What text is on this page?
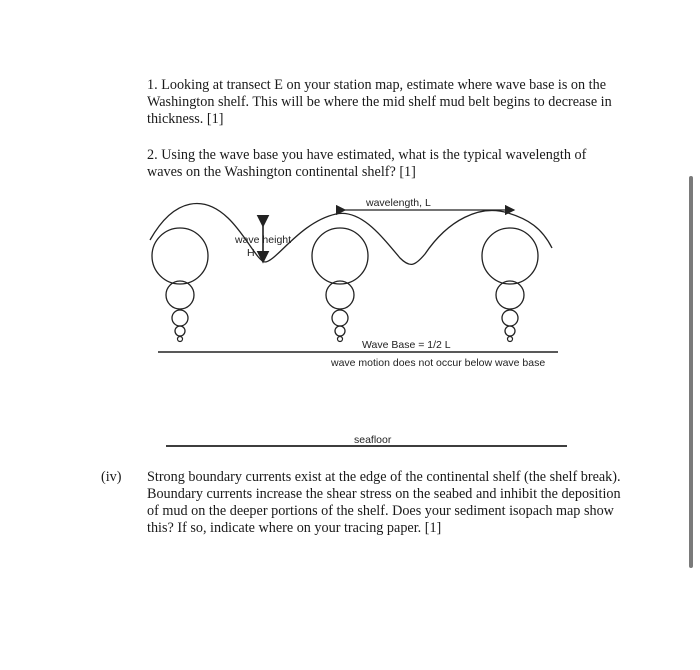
1. Looking at transect E on your station map, estimate where wave base is on the Washington shelf. This will be where the mid shelf mud belt begins to decrease in thickness. [1]

2. Using the wave base you have estimated, what is the typical wavelength of waves on the Washington continental shelf? [1]

wavelength, L
wave height
H
Wave Base = 1/2 L
wave motion does not occur below wave base
seafloor
(iv) Strong boundary currents exist at the edge of the continental shelf (the shelf break). Boundary currents increase the shear stress on the seabed and inhibit the deposition of mud on the deeper portions of the shelf. Does your sediment isopach map show this? If so, indicate where on your tracing paper. [1]
